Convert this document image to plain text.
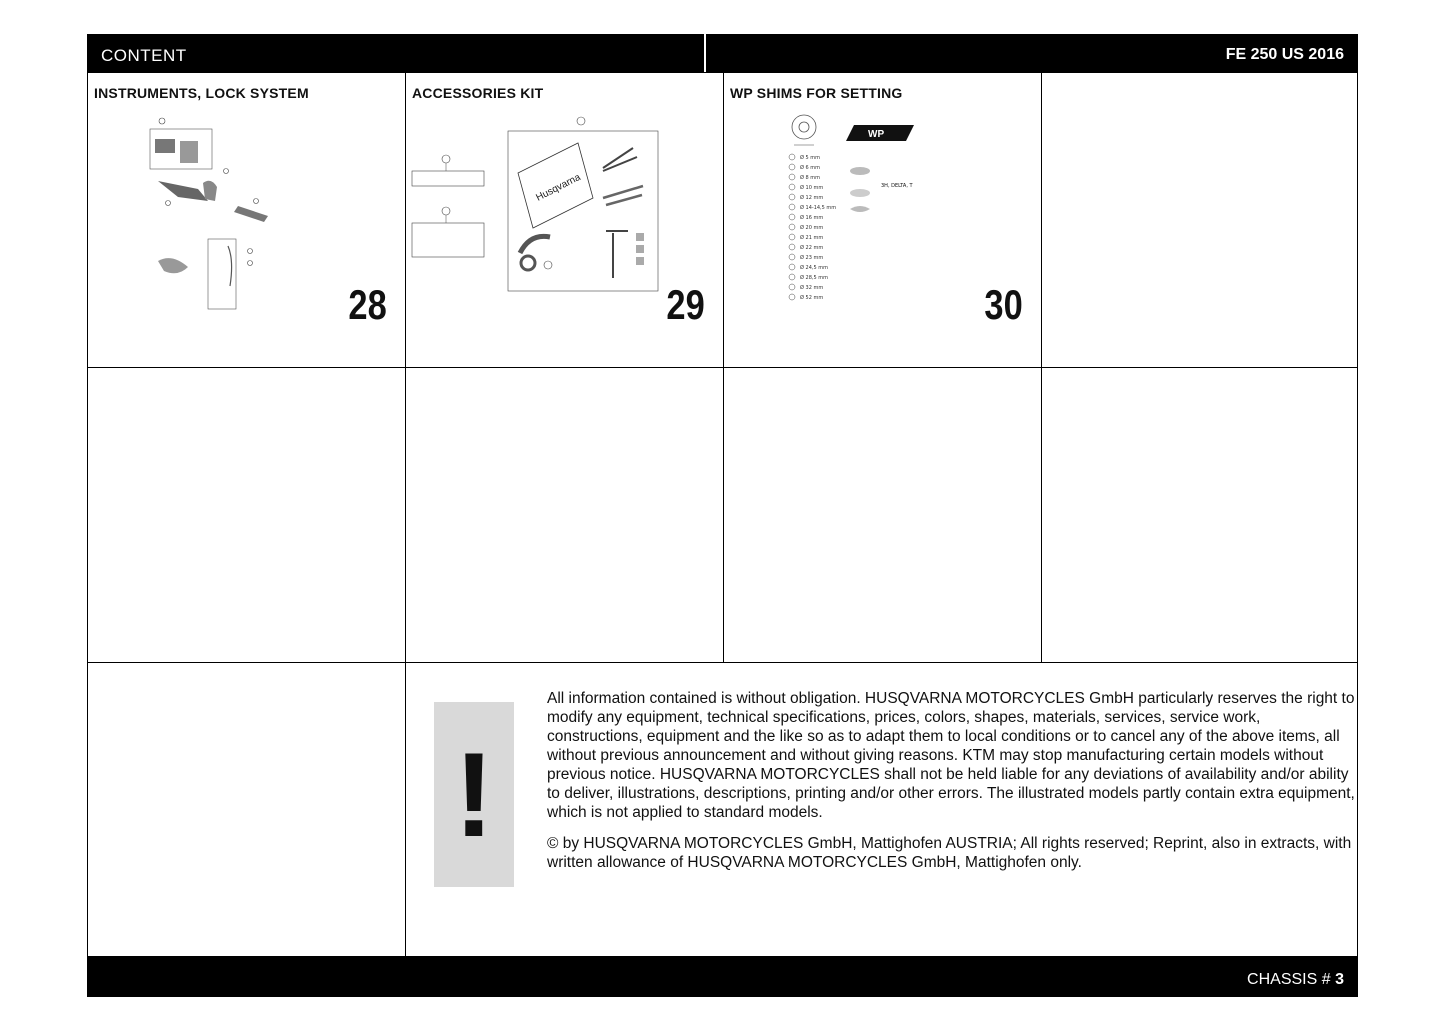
CONTENT	FE 250 US 2016
INSTRUMENTS, LOCK SYSTEM
28
ACCESSORIES KIT
Husqvarna
29
WP SHIMS FOR SETTING
WP
Ø 5 mm
Ø 6 mm
Ø 8 mm
Ø 10 mm
Ø 12 mm
Ø 14-14,5 mm
Ø 16 mm
Ø 20 mm
Ø 21 mm
Ø 22 mm
Ø 23 mm
Ø 24,5 mm
Ø 28,5 mm
Ø 32 mm
Ø 52 mm
3H, DELTA, T
30
!

All information contained is without obligation. HUSQVARNA MOTORCYCLES GmbH particularly reserves the right to modify any equipment, technical specifications, prices, colors, shapes, materials, services, service work, constructions, equipment and the like so as to adapt them to local conditions or to cancel any of the above items, all without previous announcement and without giving reasons. KTM may stop manufacturing certain models without previous notice. HUSQVARNA MOTORCYCLES shall not be held liable for any deviations of availability and/or ability to deliver, illustrations, descriptions, printing and/or other errors. The illustrated models partly contain extra equipment, which is not applied to standard models.

© by HUSQVARNA MOTORCYCLES GmbH, Mattighofen AUSTRIA; All rights reserved; Reprint, also in extracts, with written allowance of HUSQVARNA MOTORCYCLES GmbH, Mattighofen only.

CHASSIS # 3
